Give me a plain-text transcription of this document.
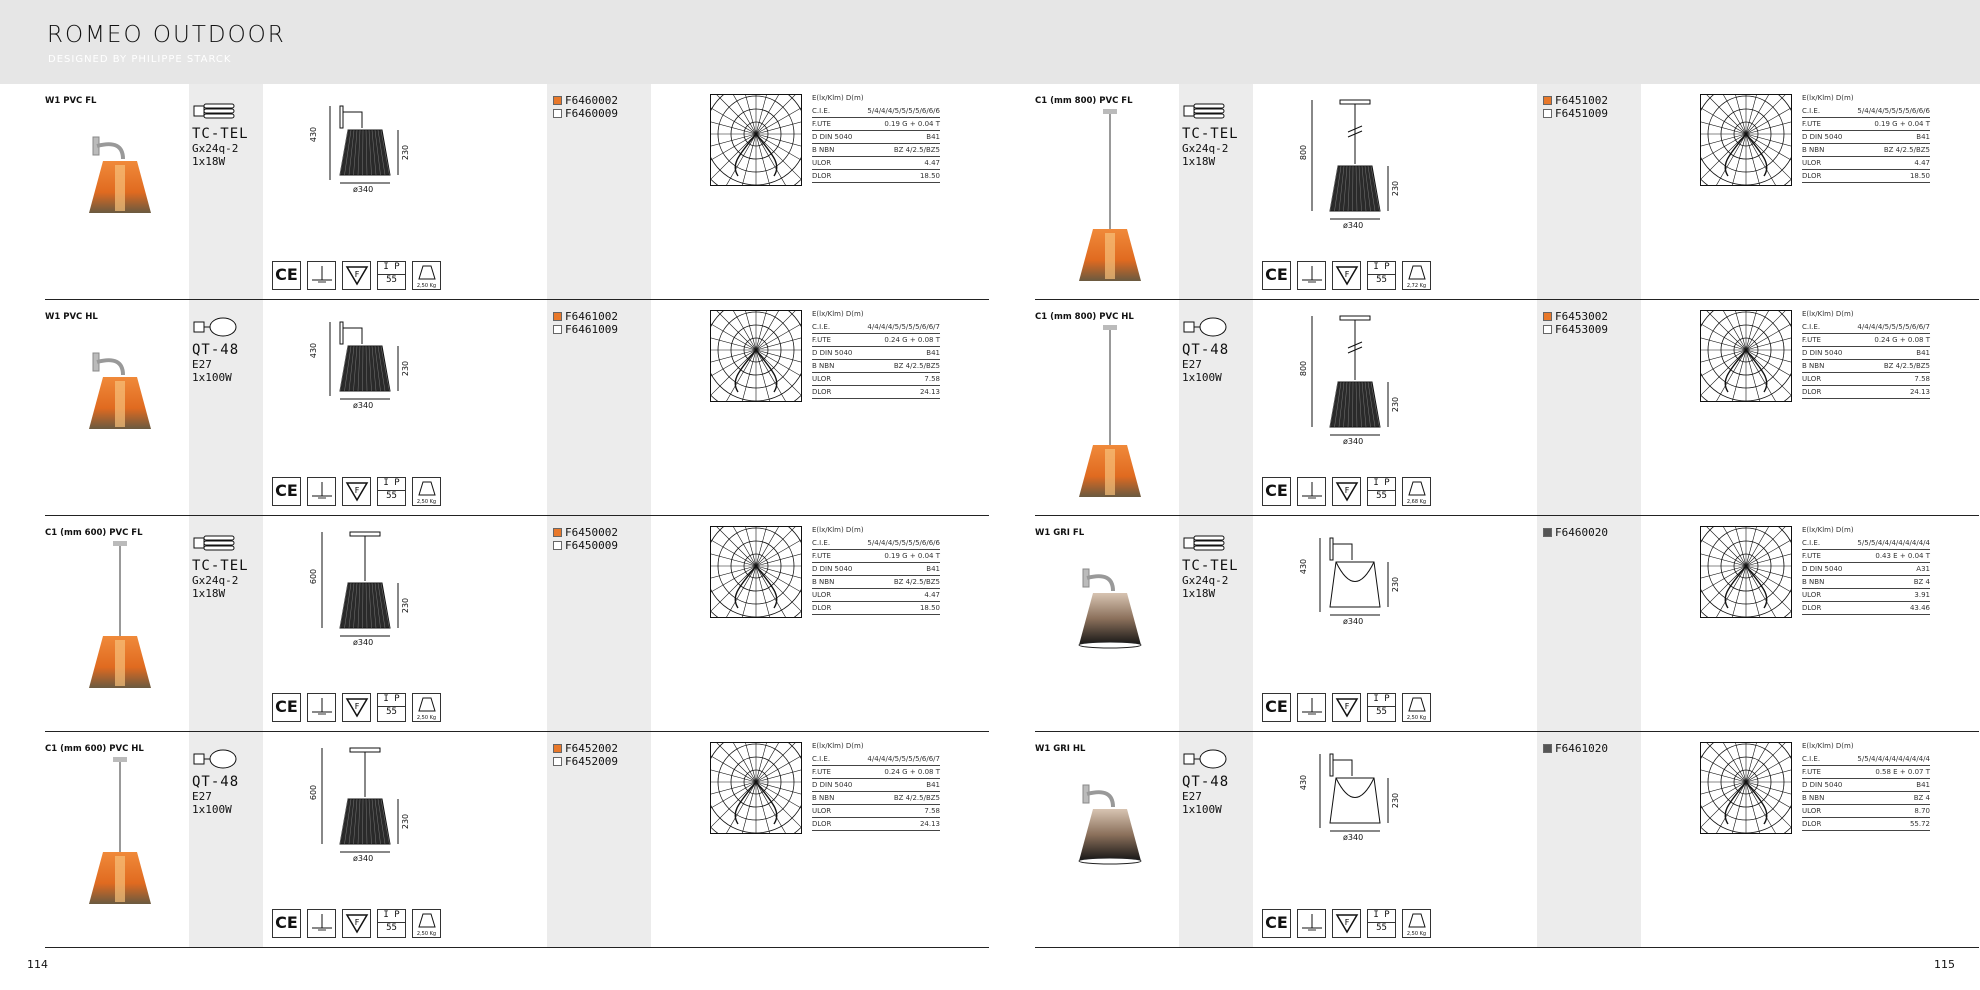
ROMEO OUTDOOR
DESIGNED BY PHILIPPE STARCK
W1 PVC FL
TC-TEL
Gx24q-2
1x18W
430
230
ø340
CE	F
I P
55
2,50 Kg
F6460002
F6460009
E(lx/Klm) D(m)
C.I.E.	5/4/4/4/5/5/5/5/6/6/6
F.UTE	0.19 G + 0.04 T
D DIN 5040	B41
B NBN	BZ 4/2.5/BZ5
ULOR	4.47
DLOR	18.50
W1 PVC HL
QT-48
E27
1x100W
430
230
ø340
CE	F
I P
55
2,50 Kg
F6461002
F6461009
E(lx/Klm) D(m)
C.I.E.	4/4/4/4/5/5/5/5/6/6/7
F.UTE	0.24 G + 0.08 T
D DIN 5040	B41
B NBN	BZ 4/2.5/BZ5
ULOR	7.58
DLOR	24.13
C1 (mm 600) PVC FL
TC-TEL
Gx24q-2
1x18W
600
230
ø340
CE	F
I P
55
2,50 Kg
F6450002
F6450009
E(lx/Klm) D(m)
C.I.E.	5/4/4/4/5/5/5/5/6/6/6
F.UTE	0.19 G + 0.04 T
D DIN 5040	B41
B NBN	BZ 4/2.5/BZ5
ULOR	4.47
DLOR	18.50
C1 (mm 600) PVC HL
QT-48
E27
1x100W
600
230
ø340
CE	F
I P
55
2,50 Kg
F6452002
F6452009
E(lx/Klm) D(m)
C.I.E.	4/4/4/4/5/5/5/5/6/6/7
F.UTE	0.24 G + 0.08 T
D DIN 5040	B41
B NBN	BZ 4/2.5/BZ5
ULOR	7.58
DLOR	24.13
C1 (mm 800) PVC FL
TC-TEL
Gx24q-2
1x18W
800
230
ø340
CE	F
I P
55
2,72 Kg
F6451002
F6451009
E(lx/Klm) D(m)
C.I.E.	5/4/4/4/5/5/5/5/6/6/6
F.UTE	0.19 G + 0.04 T
D DIN 5040	B41
B NBN	BZ 4/2.5/BZ5
ULOR	4.47
DLOR	18.50
C1 (mm 800) PVC HL
QT-48
E27
1x100W
800
230
ø340
CE	F
I P
55
2,68 Kg
F6453002
F6453009
E(lx/Klm) D(m)
C.I.E.	4/4/4/4/5/5/5/5/6/6/7
F.UTE	0.24 G + 0.08 T
D DIN 5040	B41
B NBN	BZ 4/2.5/BZ5
ULOR	7.58
DLOR	24.13
W1 GRI FL
TC-TEL
Gx24q-2
1x18W
430
230
ø340
CE	F
I P
55
2,50 Kg
F6460020	E(lx/Klm) D(m)
C.I.E.	5/5/5/4/4/4/4/4/4/4/4
F.UTE	0.43 E + 0.04 T
D DIN 5040	A31
B NBN	BZ 4
ULOR	3.91
DLOR	43.46
W1 GRI HL
QT-48
E27
1x100W
430
230
ø340
CE	F
I P
55
2,50 Kg
F6461020	E(lx/Klm) D(m)
C.I.E.	5/5/4/4/4/4/4/4/4/4/4
F.UTE	0.58 E + 0.07 T
D DIN 5040	B41
B NBN	BZ 4
ULOR	8.70
DLOR	55.72
114	115
